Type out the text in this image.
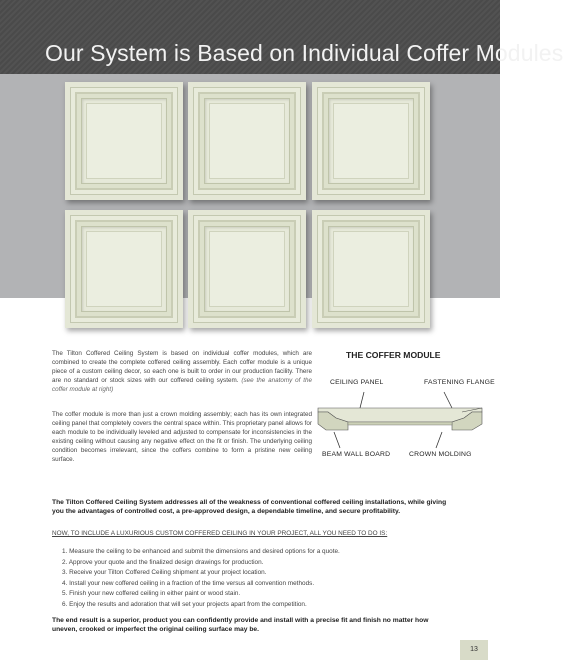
Our System is Based on Individual Coffer Modules
The Tilton Coffered Ceiling System is based on individual coffer modules, which are combined to create the complete coffered ceiling assembly. Each coffer module is a unique piece of a custom ceiling decor, so each one is built to order in our production facility. There are no standard or stock sizes with our coffered ceiling system. (see the anatomy of the coffer module at right)
The coffer module is more than just a crown molding assembly; each has its own integrated ceiling panel that completely covers the central space within. This proprietary panel allows for each module to be individually leveled and adjusted to compensate for inconsistencies in the existing ceiling without causing any negative effect on the fit or finish. The underlying ceiling condition becomes irrelevant, since the coffers combine to form a pristine new ceiling surface.
THE COFFER MODULE
CEILING PANEL	FASTENING FLANGE
BEAM WALL BOARD	CROWN MOLDING
The Tilton Coffered Ceiling System addresses all of the weakness of conventional coffered ceiling installations, while giving you the advantages of controlled cost, a pre-approved design, a dependable timeline, and secure profitability.
NOW, TO INCLUDE A LUXURIOUS CUSTOM COFFERED CEILING IN YOUR PROJECT, ALL YOU NEED TO DO IS:
1. Measure the ceiling to be enhanced and submit the dimensions and desired options for a quote.
2. Approve your quote and the finalized design drawings for production.
3. Receive your Tilton Coffered Ceiling shipment at your project location.
4. Install your new coffered ceiling in a fraction of the time versus all convention methods.
5. Finish your new coffered ceiling in either paint or wood stain.
6. Enjoy the results and adoration that will set your projects apart from the competition.
The end result is a superior, product you can confidently provide and install with a precise fit and finish no matter how uneven, crooked or imperfect the original ceiling surface may be.
13
